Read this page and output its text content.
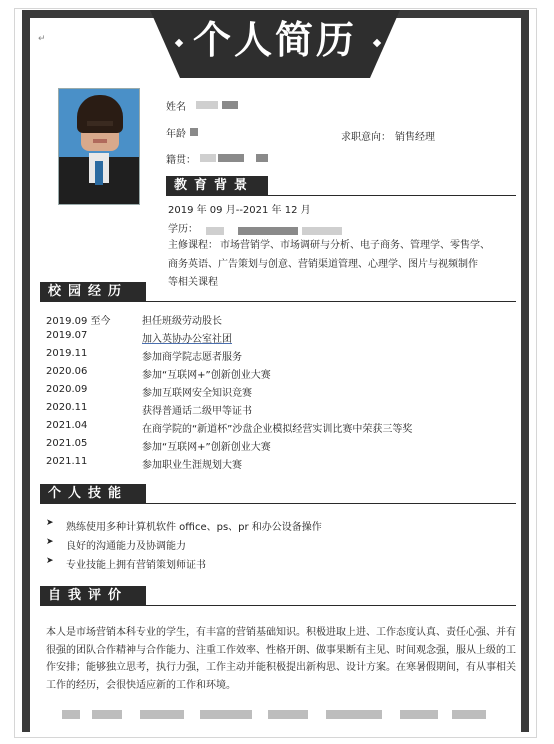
个人简历
↵
姓名
年龄	求职意向： 销售经理
籍贯：
教育背景
2019 年 09 月--2021 年 12 月
学历：
主修课程： 市场营销学、市场调研与分析、电子商务、管理学、零售学、
商务英语、广告策划与创意、营销渠道管理、心理学、图片与视频制作
等相关课程
校园经历
2019.09 至今	担任班级劳动股长
2019.07	加入英协办公室社团
2019.11	参加商学院志愿者服务
2020.06	参加“互联网+”创新创业大赛
2020.09	参加互联网安全知识竞赛
2020.11	获得普通话二级甲等证书
2021.04	在商学院的“新道杯”沙盘企业模拟经营实训比赛中荣获三等奖
2021.05	参加“互联网+”创新创业大赛
2021.11	参加职业生涯规划大赛
个人技能
➤ 熟练使用多种计算机软件 office、ps、pr 和办公设备操作
➤ 良好的沟通能力及协调能力
➤ 专业技能上拥有营销策划师证书
自我评价
本人是市场营销本科专业的学生，有丰富的营销基础知识。积极进取上进、工作态度认真、责任心强、并有很强的团队合作精神与合作能力、注重工作效率、性格开朗、做事果断有主见、时间观念强，服从上级的工作安排；能够独立思考，执行力强，工作主动并能积极提出新构思、设计方案。在寒暑假期间，有从事相关工作的经历，会很快适应新的工作和环境。
